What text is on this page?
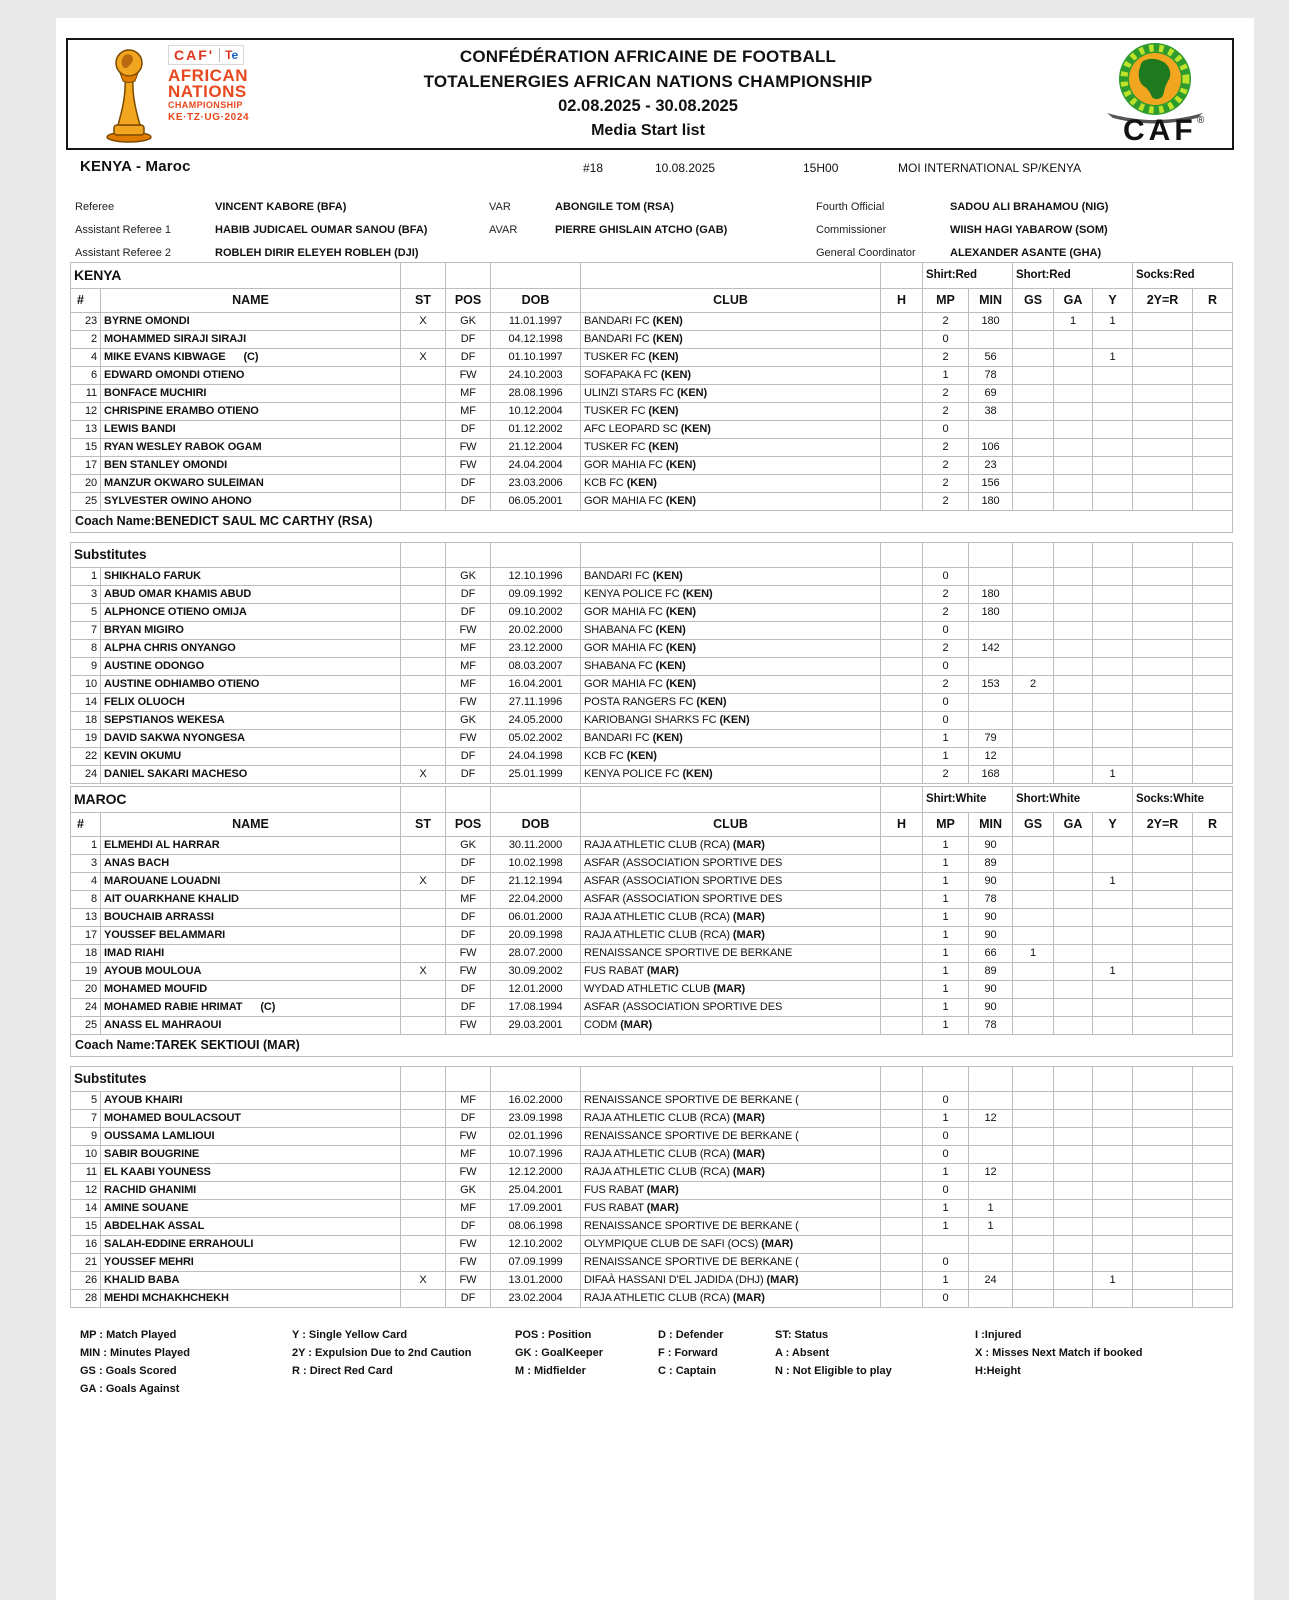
CAF' Te
AFRICAN
NATIONS
CHAMPIONSHIP
KE·TZ·UG·2024
CONFÉDÉRATION AFRICAINE DE FOOTBALL
TOTALENERGIES AFRICAN NATIONS CHAMPIONSHIP
02.08.2025 - 30.08.2025
Media Start list	CAF ®
KENYA - Maroc	#18	10.08.2025	15H00	MOI INTERNATIONAL SP/KENYA
Referee	VINCENT KABORE (BFA)
Assistant Referee 1	HABIB JUDICAEL OUMAR SANOU (BFA)
Assistant Referee 2	ROBLEH DIRIR ELEYEH ROBLEH (DJI)
VAR	ABONGILE TOM (RSA)
AVAR	PIERRE GHISLAIN ATCHO (GAB)
Fourth Official	SADOU ALI BRAHAMOU (NIG)
Commissioner	WIISH HAGI YABAROW (SOM)
General Coordinator	ALEXANDER ASANTE (GHA)
KENYA							Shirt:Red		Short:Red			Socks:Red	
#	NAME	ST	POS	DOB	CLUB	H	MP	MIN	GS	GA	Y	2Y=R	R
23	BYRNE OMONDI	X	GK	11.01.1997	BANDARI FC (KEN)		2	180		1	1		
2	MOHAMMED SIRAJI SIRAJI		DF	04.12.1998	BANDARI FC (KEN)		0						
4	MIKE EVANS KIBWAGE (C)	X	DF	01.10.1997	TUSKER FC (KEN)		2	56			1		
6	EDWARD OMONDI OTIENO		FW	24.10.2003	SOFAPAKA FC (KEN)		1	78					
11	BONFACE MUCHIRI		MF	28.08.1996	ULINZI STARS FC (KEN)		2	69					
12	CHRISPINE ERAMBO OTIENO		MF	10.12.2004	TUSKER FC (KEN)		2	38					
13	LEWIS BANDI		DF	01.12.2002	AFC LEOPARD SC (KEN)		0						
15	RYAN WESLEY RABOK OGAM		FW	21.12.2004	TUSKER FC (KEN)		2	106					
17	BEN STANLEY OMONDI		FW	24.04.2004	GOR MAHIA FC (KEN)		2	23					
20	MANZUR OKWARO SULEIMAN		DF	23.03.2006	KCB FC (KEN)		2	156					
25	SYLVESTER OWINO AHONO		DF	06.05.2001	GOR MAHIA FC (KEN)		2	180					
Coach Name:BENEDICT SAUL MC CARTHY (RSA)													
Substitutes													
1	SHIKHALO FARUK		GK	12.10.1996	BANDARI FC (KEN)		0						
3	ABUD OMAR KHAMIS ABUD		DF	09.09.1992	KENYA POLICE FC (KEN)		2	180					
5	ALPHONCE OTIENO OMIJA		DF	09.10.2002	GOR MAHIA FC (KEN)		2	180					
7	BRYAN MIGIRO		FW	20.02.2000	SHABANA FC (KEN)		0						
8	ALPHA CHRIS ONYANGO		MF	23.12.2000	GOR MAHIA FC (KEN)		2	142					
9	AUSTINE ODONGO		MF	08.03.2007	SHABANA FC (KEN)		0						
10	AUSTINE ODHIAMBO OTIENO		MF	16.04.2001	GOR MAHIA FC (KEN)		2	153	2				
14	FELIX OLUOCH		FW	27.11.1996	POSTA RANGERS FC (KEN)		0						
18	SEPSTIANOS WEKESA		GK	24.05.2000	KARIOBANGI SHARKS FC (KEN)		0						
19	DAVID SAKWA NYONGESA		FW	05.02.2002	BANDARI FC (KEN)		1	79					
22	KEVIN OKUMU		DF	24.04.1998	KCB FC (KEN)		1	12					
24	DANIEL SAKARI MACHESO	X	DF	25.01.1999	KENYA POLICE FC (KEN)		2	168			1		
MAROC							Shirt:White		Short:White			Socks:White	
#	NAME	ST	POS	DOB	CLUB	H	MP	MIN	GS	GA	Y	2Y=R	R
1	ELMEHDI AL HARRAR		GK	30.11.2000	RAJA ATHLETIC CLUB (RCA) (MAR)		1	90					
3	ANAS BACH		DF	10.02.1998	ASFAR (ASSOCIATION SPORTIVE DES		1	89					
4	MAROUANE LOUADNI	X	DF	21.12.1994	ASFAR (ASSOCIATION SPORTIVE DES		1	90			1		
8	AIT OUARKHANE KHALID		MF	22.04.2000	ASFAR (ASSOCIATION SPORTIVE DES		1	78					
13	BOUCHAIB ARRASSI		DF	06.01.2000	RAJA ATHLETIC CLUB (RCA) (MAR)		1	90					
17	YOUSSEF BELAMMARI		DF	20.09.1998	RAJA ATHLETIC CLUB (RCA) (MAR)		1	90					
18	IMAD RIAHI		FW	28.07.2000	RENAISSANCE SPORTIVE DE BERKANE		1	66	1				
19	AYOUB MOULOUA	X	FW	30.09.2002	FUS RABAT (MAR)		1	89			1		
20	MOHAMED MOUFID		DF	12.01.2000	WYDAD ATHLETIC CLUB (MAR)		1	90					
24	MOHAMED RABIE HRIMAT (C)		DF	17.08.1994	ASFAR (ASSOCIATION SPORTIVE DES		1	90					
25	ANASS EL MAHRAOUI		FW	29.03.2001	CODM (MAR)		1	78					
Coach Name:TAREK SEKTIOUI (MAR)													
Substitutes													
5	AYOUB KHAIRI		MF	16.02.2000	RENAISSANCE SPORTIVE DE BERKANE (		0						
7	MOHAMED BOULACSOUT		DF	23.09.1998	RAJA ATHLETIC CLUB (RCA) (MAR)		1	12					
9	OUSSAMA LAMLIOUI		FW	02.01.1996	RENAISSANCE SPORTIVE DE BERKANE (		0						
10	SABIR BOUGRINE		MF	10.07.1996	RAJA ATHLETIC CLUB (RCA) (MAR)		0						
11	EL KAABI YOUNESS		FW	12.12.2000	RAJA ATHLETIC CLUB (RCA) (MAR)		1	12					
12	RACHID GHANIMI		GK	25.04.2001	FUS RABAT (MAR)		0						
14	AMINE SOUANE		MF	17.09.2001	FUS RABAT (MAR)		1	1					
15	ABDELHAK ASSAL		DF	08.06.1998	RENAISSANCE SPORTIVE DE BERKANE (		1	1					
16	SALAH-EDDINE ERRAHOULI		FW	12.10.2002	OLYMPIQUE CLUB DE SAFI (OCS) (MAR)								
21	YOUSSEF MEHRI		FW	07.09.1999	RENAISSANCE SPORTIVE DE BERKANE (		0						
26	KHALID BABA	X	FW	13.01.2000	DIFAÀ HASSANI D'EL JADIDA (DHJ) (MAR)		1	24			1		
28	MEHDI MCHAKHCHEKH		DF	23.02.2004	RAJA ATHLETIC CLUB (RCA) (MAR)		0						
MP : Match Played
MIN : Minutes Played
GS : Goals Scored
GA : Goals Against
Y : Single Yellow Card
2Y : Expulsion Due to 2nd Caution
R : Direct Red Card
POS : Position
GK : GoalKeeper
M : Midfielder
D : Defender
F : Forward
C : Captain
ST: Status
A : Absent
N : Not Eligible to play
I :Injured
X : Misses Next Match if booked
H:Height
